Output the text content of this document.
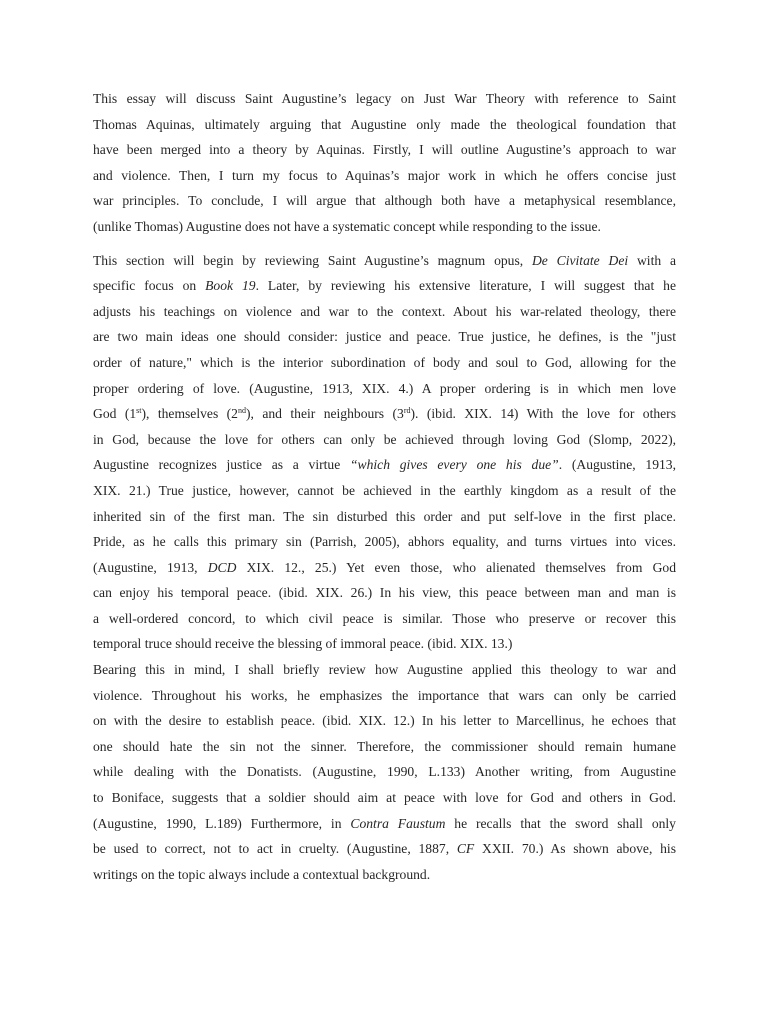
This essay will discuss Saint Augustine’s legacy on Just War Theory with reference to Saint
Thomas Aquinas, ultimately arguing that Augustine only made the theological foundation that
have been merged into a theory by Aquinas. Firstly, I will outline Augustine’s approach to war
and violence. Then, I turn my focus to Aquinas’s major work in which he offers concise just
war principles. To conclude, I will argue that although both have a metaphysical resemblance,
(unlike Thomas) Augustine does not have a systematic concept while responding to the issue.
This section will begin by reviewing Saint Augustine’s magnum opus, De Civitate Dei with a
specific focus on Book 19. Later, by reviewing his extensive literature, I will suggest that he
adjusts his teachings on violence and war to the context. About his war-related theology, there
are two main ideas one should consider: justice and peace. True justice, he defines, is the "just
order of nature," which is the interior subordination of body and soul to God, allowing for the
proper ordering of love. (Augustine, 1913, XIX. 4.) A proper ordering is in which men love
God (1st), themselves (2nd), and their neighbours (3rd). (ibid. XIX. 14) With the love for others
in God, because the love for others can only be achieved through loving God (Slomp, 2022),
Augustine recognizes justice as a virtue “which gives every one his due”. (Augustine, 1913,
XIX. 21.) True justice, however, cannot be achieved in the earthly kingdom as a result of the
inherited sin of the first man. The sin disturbed this order and put self-love in the first place.
Pride, as he calls this primary sin (Parrish, 2005), abhors equality, and turns virtues into vices.
(Augustine, 1913, DCD XIX. 12., 25.) Yet even those, who alienated themselves from God
can enjoy his temporal peace. (ibid. XIX. 26.) In his view, this peace between man and man is
a well-ordered concord, to which civil peace is similar. Those who preserve or recover this
temporal truce should receive the blessing of immoral peace. (ibid. XIX. 13.)
Bearing this in mind, I shall briefly review how Augustine applied this theology to war and
violence. Throughout his works, he emphasizes the importance that wars can only be carried
on with the desire to establish peace. (ibid. XIX. 12.) In his letter to Marcellinus, he echoes that
one should hate the sin not the sinner. Therefore, the commissioner should remain humane
while dealing with the Donatists. (Augustine, 1990, L.133) Another writing, from Augustine
to Boniface, suggests that a soldier should aim at peace with love for God and others in God.
(Augustine, 1990, L.189) Furthermore, in Contra Faustum he recalls that the sword shall only
be used to correct, not to act in cruelty. (Augustine, 1887, CF XXII. 70.) As shown above, his
writings on the topic always include a contextual background.
